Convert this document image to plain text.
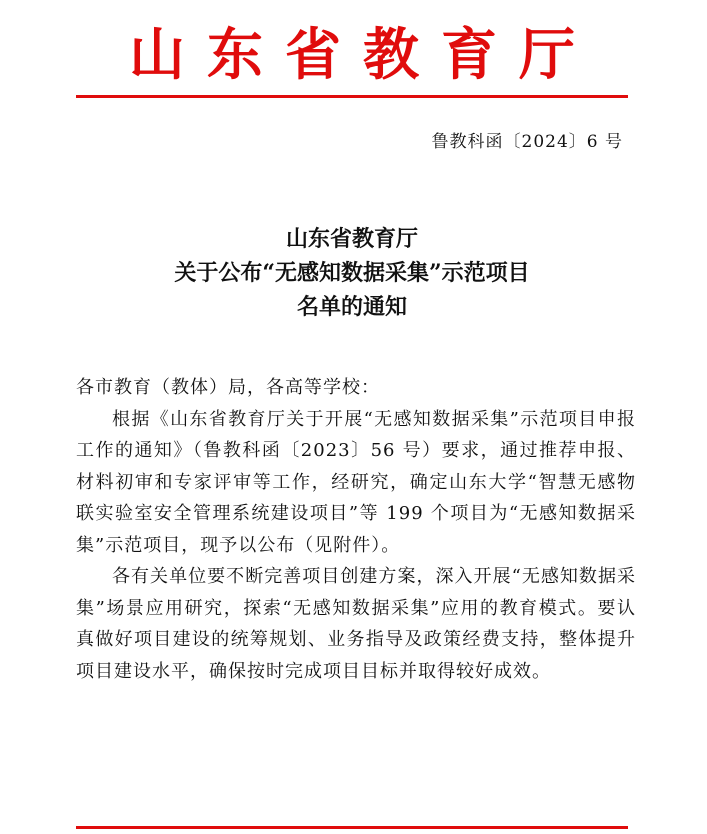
山东省教育厅
鲁教科函〔2024〕6 号
山东省教育厅
关于公布“无感知数据采集”示范项目
名单的通知

各市教育（教体）局，各高等学校：

根据《山东省教育厅关于开展“无感知数据采集”示范项目申报工作的通知》（鲁教科函〔2023〕56 号）要求，通过推荐申报、材料初审和专家评审等工作，经研究，确定山东大学“智慧无感物联实验室安全管理系统建设项目”等 199 个项目为“无感知数据采集”示范项目，现予以公布（见附件）。

各有关单位要不断完善项目创建方案，深入开展“无感知数据采集”场景应用研究，探索“无感知数据采集”应用的教育模式。要认真做好项目建设的统筹规划、业务指导及政策经费支持，整体提升项目建设水平，确保按时完成项目目标并取得较好成效。
